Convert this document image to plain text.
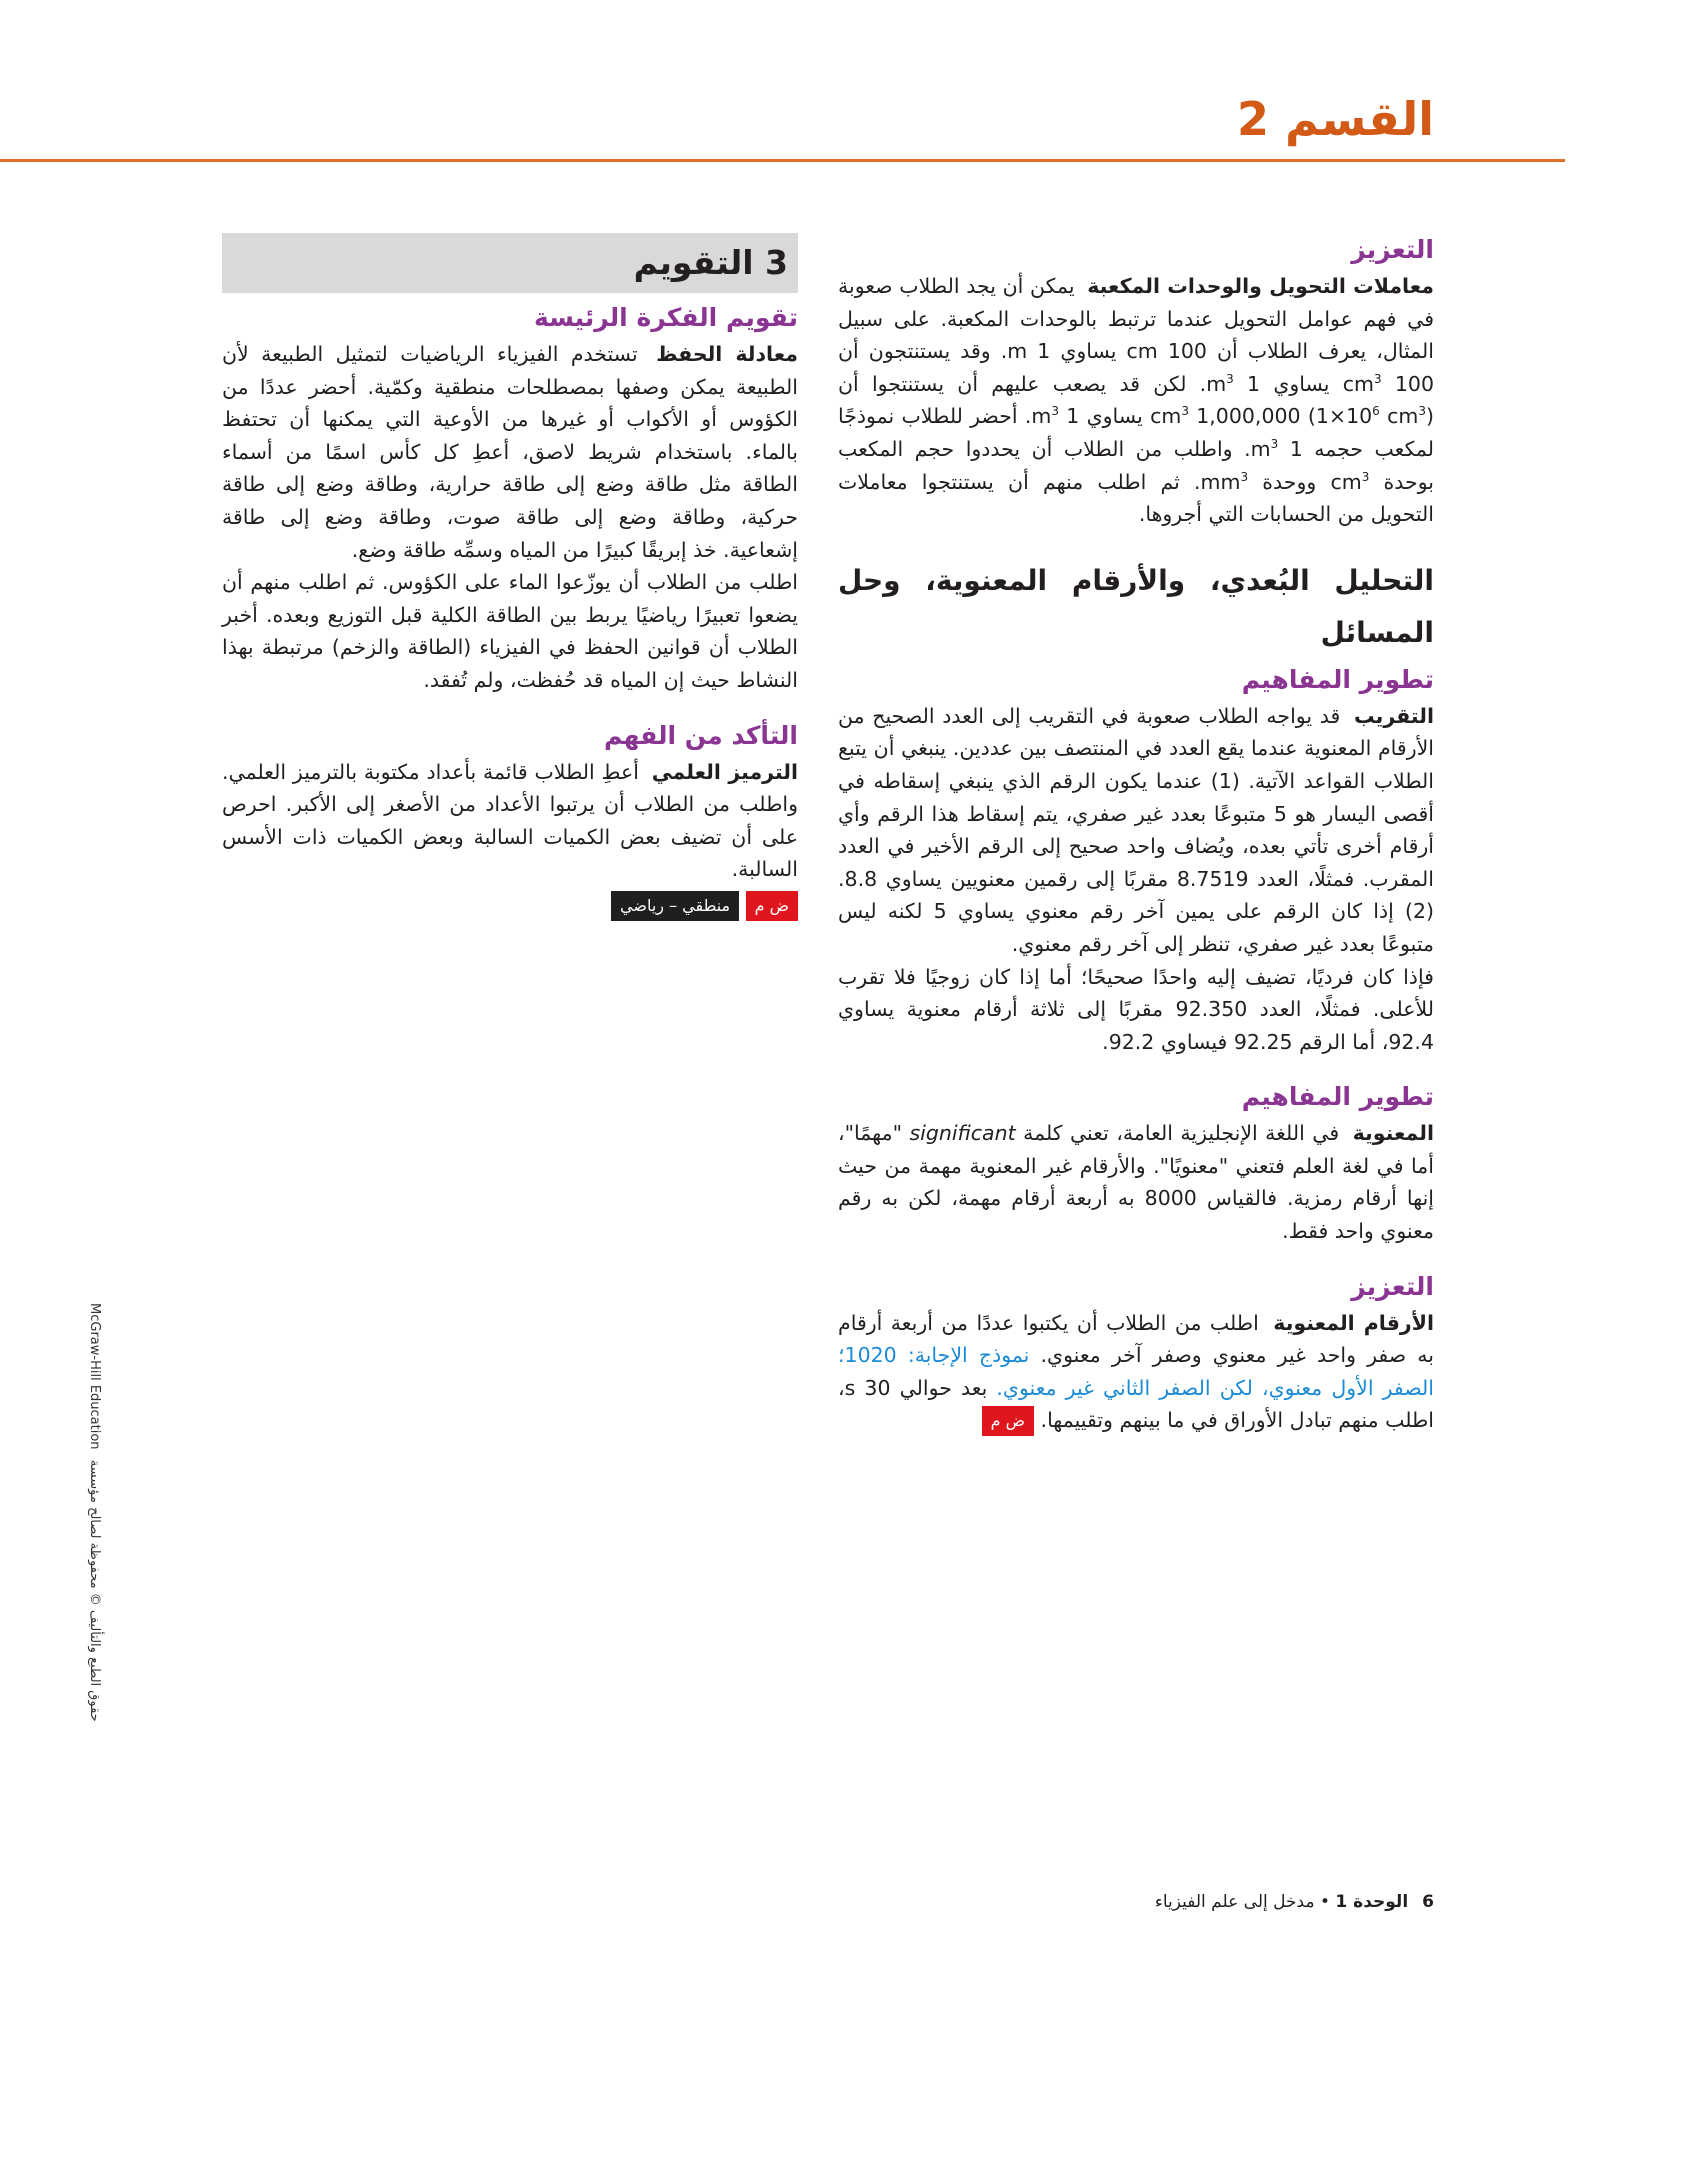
القسم 2
التعزيز

معاملات التحويل والوحدات المكعبة يمكن أن يجد الطلاب صعوبة في فهم عوامل التحويل عندما ترتبط بالوحدات المكعبة. على سبيل المثال، يعرف الطلاب أن 100 cm يساوي 1 m. وقد يستنتجون أن 100 $cm^3$ يساوي 1 $m^3$. لكن قد يصعب عليهم أن يستنتجوا أن ($1\times 10^6$ $cm^3$) 1,000,000 $cm^3$ يساوي 1 $m^3$. أحضر للطلاب نموذجًا لمكعب حجمه 1 $m^3$. واطلب من الطلاب أن يحددوا حجم المكعب بوحدة $cm^3$ ووحدة $mm^3$. ثم اطلب منهم أن يستنتجوا معاملات التحويل من الحسابات التي أجروها.

التحليل البُعدي، والأرقام المعنوية، وحل المسائل
تطوير المفاهيم

التقريب قد يواجه الطلاب صعوبة في التقريب إلى العدد الصحيح من الأرقام المعنوية عندما يقع العدد في المنتصف بين عددين. ينبغي أن يتبع الطلاب القواعد الآتية. (1) عندما يكون الرقم الذي ينبغي إسقاطه في أقصى اليسار هو 5 متبوعًا بعدد غير صفري، يتم إسقاط هذا الرقم وأي أرقام أخرى تأتي بعده، ويُضاف واحد صحيح إلى الرقم الأخير في العدد المقرب. فمثلًا، العدد 8.7519 مقربًا إلى رقمين معنويين يساوي 8.8. (2) إذا كان الرقم على يمين آخر رقم معنوي يساوي 5 لكنه ليس متبوعًا بعدد غير صفري، تنظر إلى آخر رقم معنوي.

فإذا كان فرديًا، تضيف إليه واحدًا صحيحًا؛ أما إذا كان زوجيًا فلا تقرب للأعلى. فمثلًا، العدد 92.350 مقربًا إلى ثلاثة أرقام معنوية يساوي 92.4، أما الرقم 92.25 فيساوي 92.2.

تطوير المفاهيم

المعنوية في اللغة الإنجليزية العامة، تعني كلمة significant "مهمًا"، أما في لغة العلم فتعني "معنويًا". والأرقام غير المعنوية مهمة من حيث إنها أرقام رمزية. فالقياس 8000 به أربعة أرقام مهمة، لكن به رقم معنوي واحد فقط.

التعزيز

الأرقام المعنوية اطلب من الطلاب أن يكتبوا عددًا من أربعة أرقام به صفر واحد غير معنوي وصفر آخر معنوي. نموذج الإجابة: 1020؛ الصفر الأول معنوي، لكن الصفر الثاني غير معنوي. بعد حوالي 30 s، اطلب منهم تبادل الأوراق في ما بينهم وتقييمها. ض م

3 التقويم
تقويم الفكرة الرئيسة

معادلة الحفظ تستخدم الفيزياء الرياضيات لتمثيل الطبيعة لأن الطبيعة يمكن وصفها بمصطلحات منطقية وكمّية. أحضر عددًا من الكؤوس أو الأكواب أو غيرها من الأوعية التي يمكنها أن تحتفظ بالماء. باستخدام شريط لاصق، أعطِ كل كأس اسمًا من أسماء الطاقة مثل طاقة وضع إلى طاقة حرارية، وطاقة وضع إلى طاقة حركية، وطاقة وضع إلى طاقة صوت، وطاقة وضع إلى طاقة إشعاعية. خذ إبريقًا كبيرًا من المياه وسمِّه طاقة وضع.

اطلب من الطلاب أن يوزّعوا الماء على الكؤوس. ثم اطلب منهم أن يضعوا تعبيرًا رياضيًا يربط بين الطاقة الكلية قبل التوزيع وبعده. أخبر الطلاب أن قوانين الحفظ في الفيزياء (الطاقة والزخم) مرتبطة بهذا النشاط حيث إن المياه قد حُفظت، ولم تُفقد.

التأكد من الفهم

الترميز العلمي أعطِ الطلاب قائمة بأعداد مكتوبة بالترميز العلمي. واطلب من الطلاب أن يرتبوا الأعداد من الأصغر إلى الأكبر. احرص على أن تضيف بعض الكميات السالبة وبعض الكميات ذات الأسس السالبة.

ض م منطقي – رياضي
McGraw-Hill Education حقوق الطبع والتأليف © محفوظة لصالح مؤسسة
6الوحدة 1 • مدخل إلى علم الفيزياء
